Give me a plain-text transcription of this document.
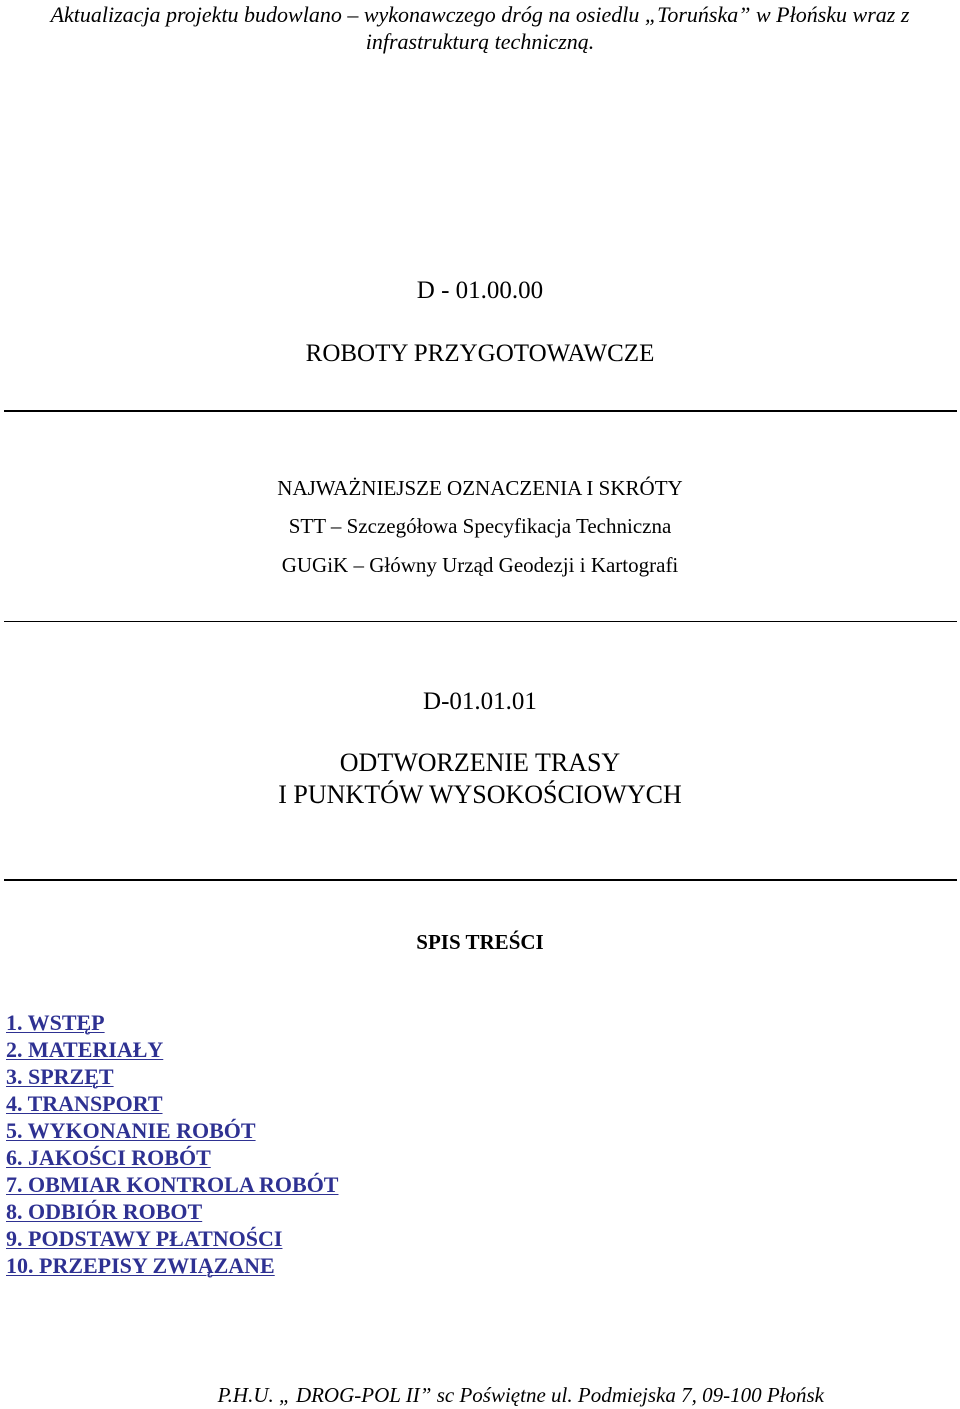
Aktualizacja projektu budowlano – wykonawczego dróg na osiedlu „Toruńska” w Płońsku wraz z infrastrukturą techniczną.
D - 01.00.00
ROBOTY PRZYGOTOWAWCZE
NAJWAŻNIEJSZE OZNACZENIA I SKRÓTY
STT – Szczegółowa Specyfikacja Techniczna
GUGiK – Główny Urząd Geodezji i Kartografi
D-01.01.01
ODTWORZENIE TRASY
I PUNKTÓW WYSOKOŚCIOWYCH
SPIS TREŚCI
1. WSTĘP
2. MATERIAŁY
3. SPRZĘT
4. TRANSPORT
5. WYKONANIE ROBÓT
6. JAKOŚCI ROBÓT
7. OBMIAR KONTROLA ROBÓT
8. ODBIÓR ROBOT
9. PODSTAWY PŁATNOŚCI
10. PRZEPISY ZWIĄZANE
P.H.U. „ DROG-POL II” sc Poświętne ul. Podmiejska 7, 09-100 Płońsk
